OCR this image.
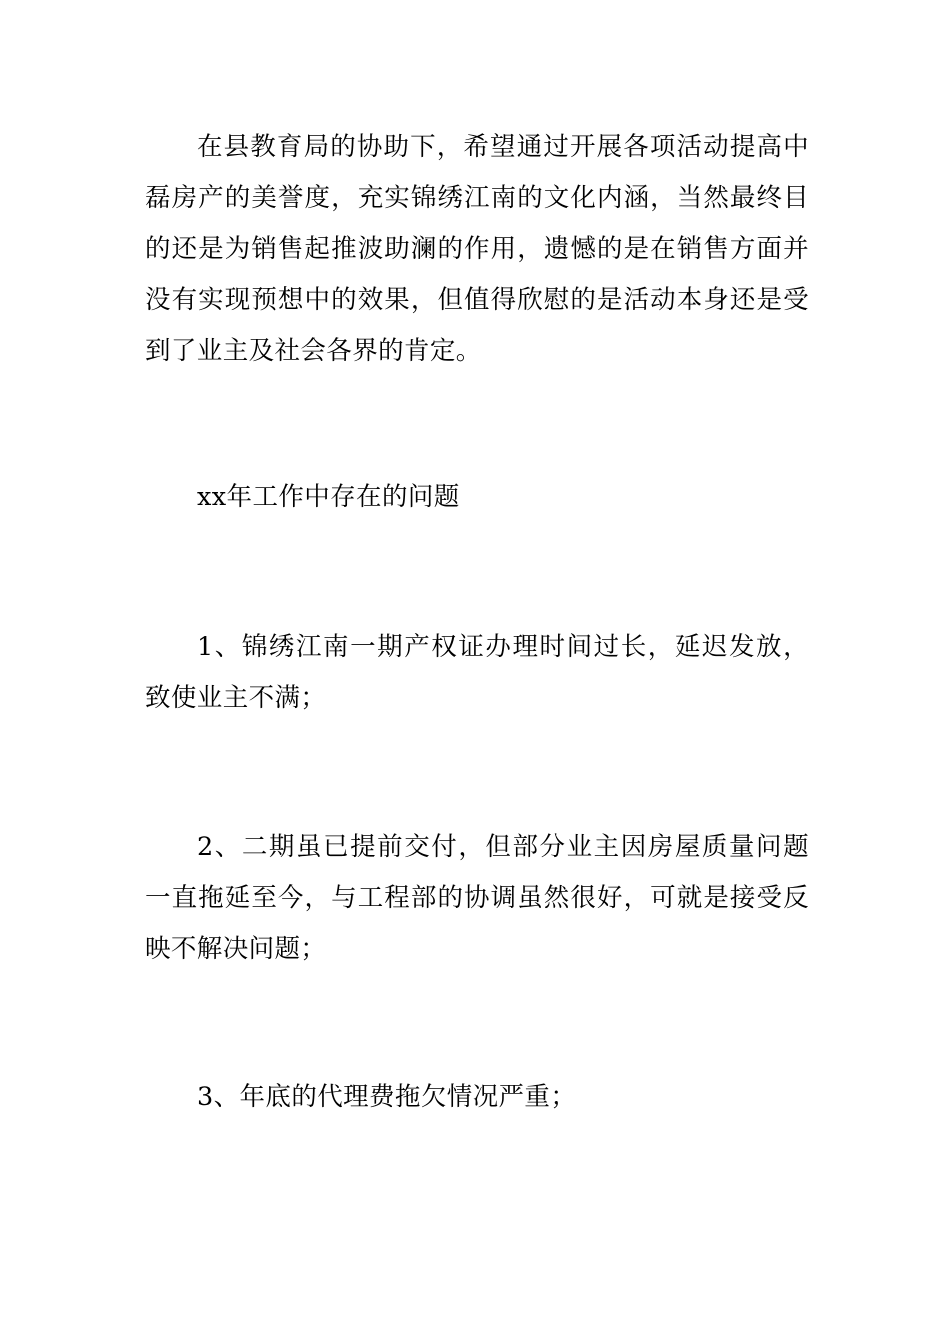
在县教育局的协助下，希望通过开展各项活动提高中磊房产的美誉度，充实锦绣江南的文化内涵，当然最终目的还是为销售起推波助澜的作用，遗憾的是在销售方面并没有实现预想中的效果，但值得欣慰的是活动本身还是受到了业主及社会各界的肯定。

xx年工作中存在的问题

1、锦绣江南一期产权证办理时间过长，延迟发放，致使业主不满；

2、二期虽已提前交付，但部分业主因房屋质量问题一直拖延至今，与工程部的协调虽然很好，可就是接受反映不解决问题；

3、年底的代理费拖欠情况严重；
